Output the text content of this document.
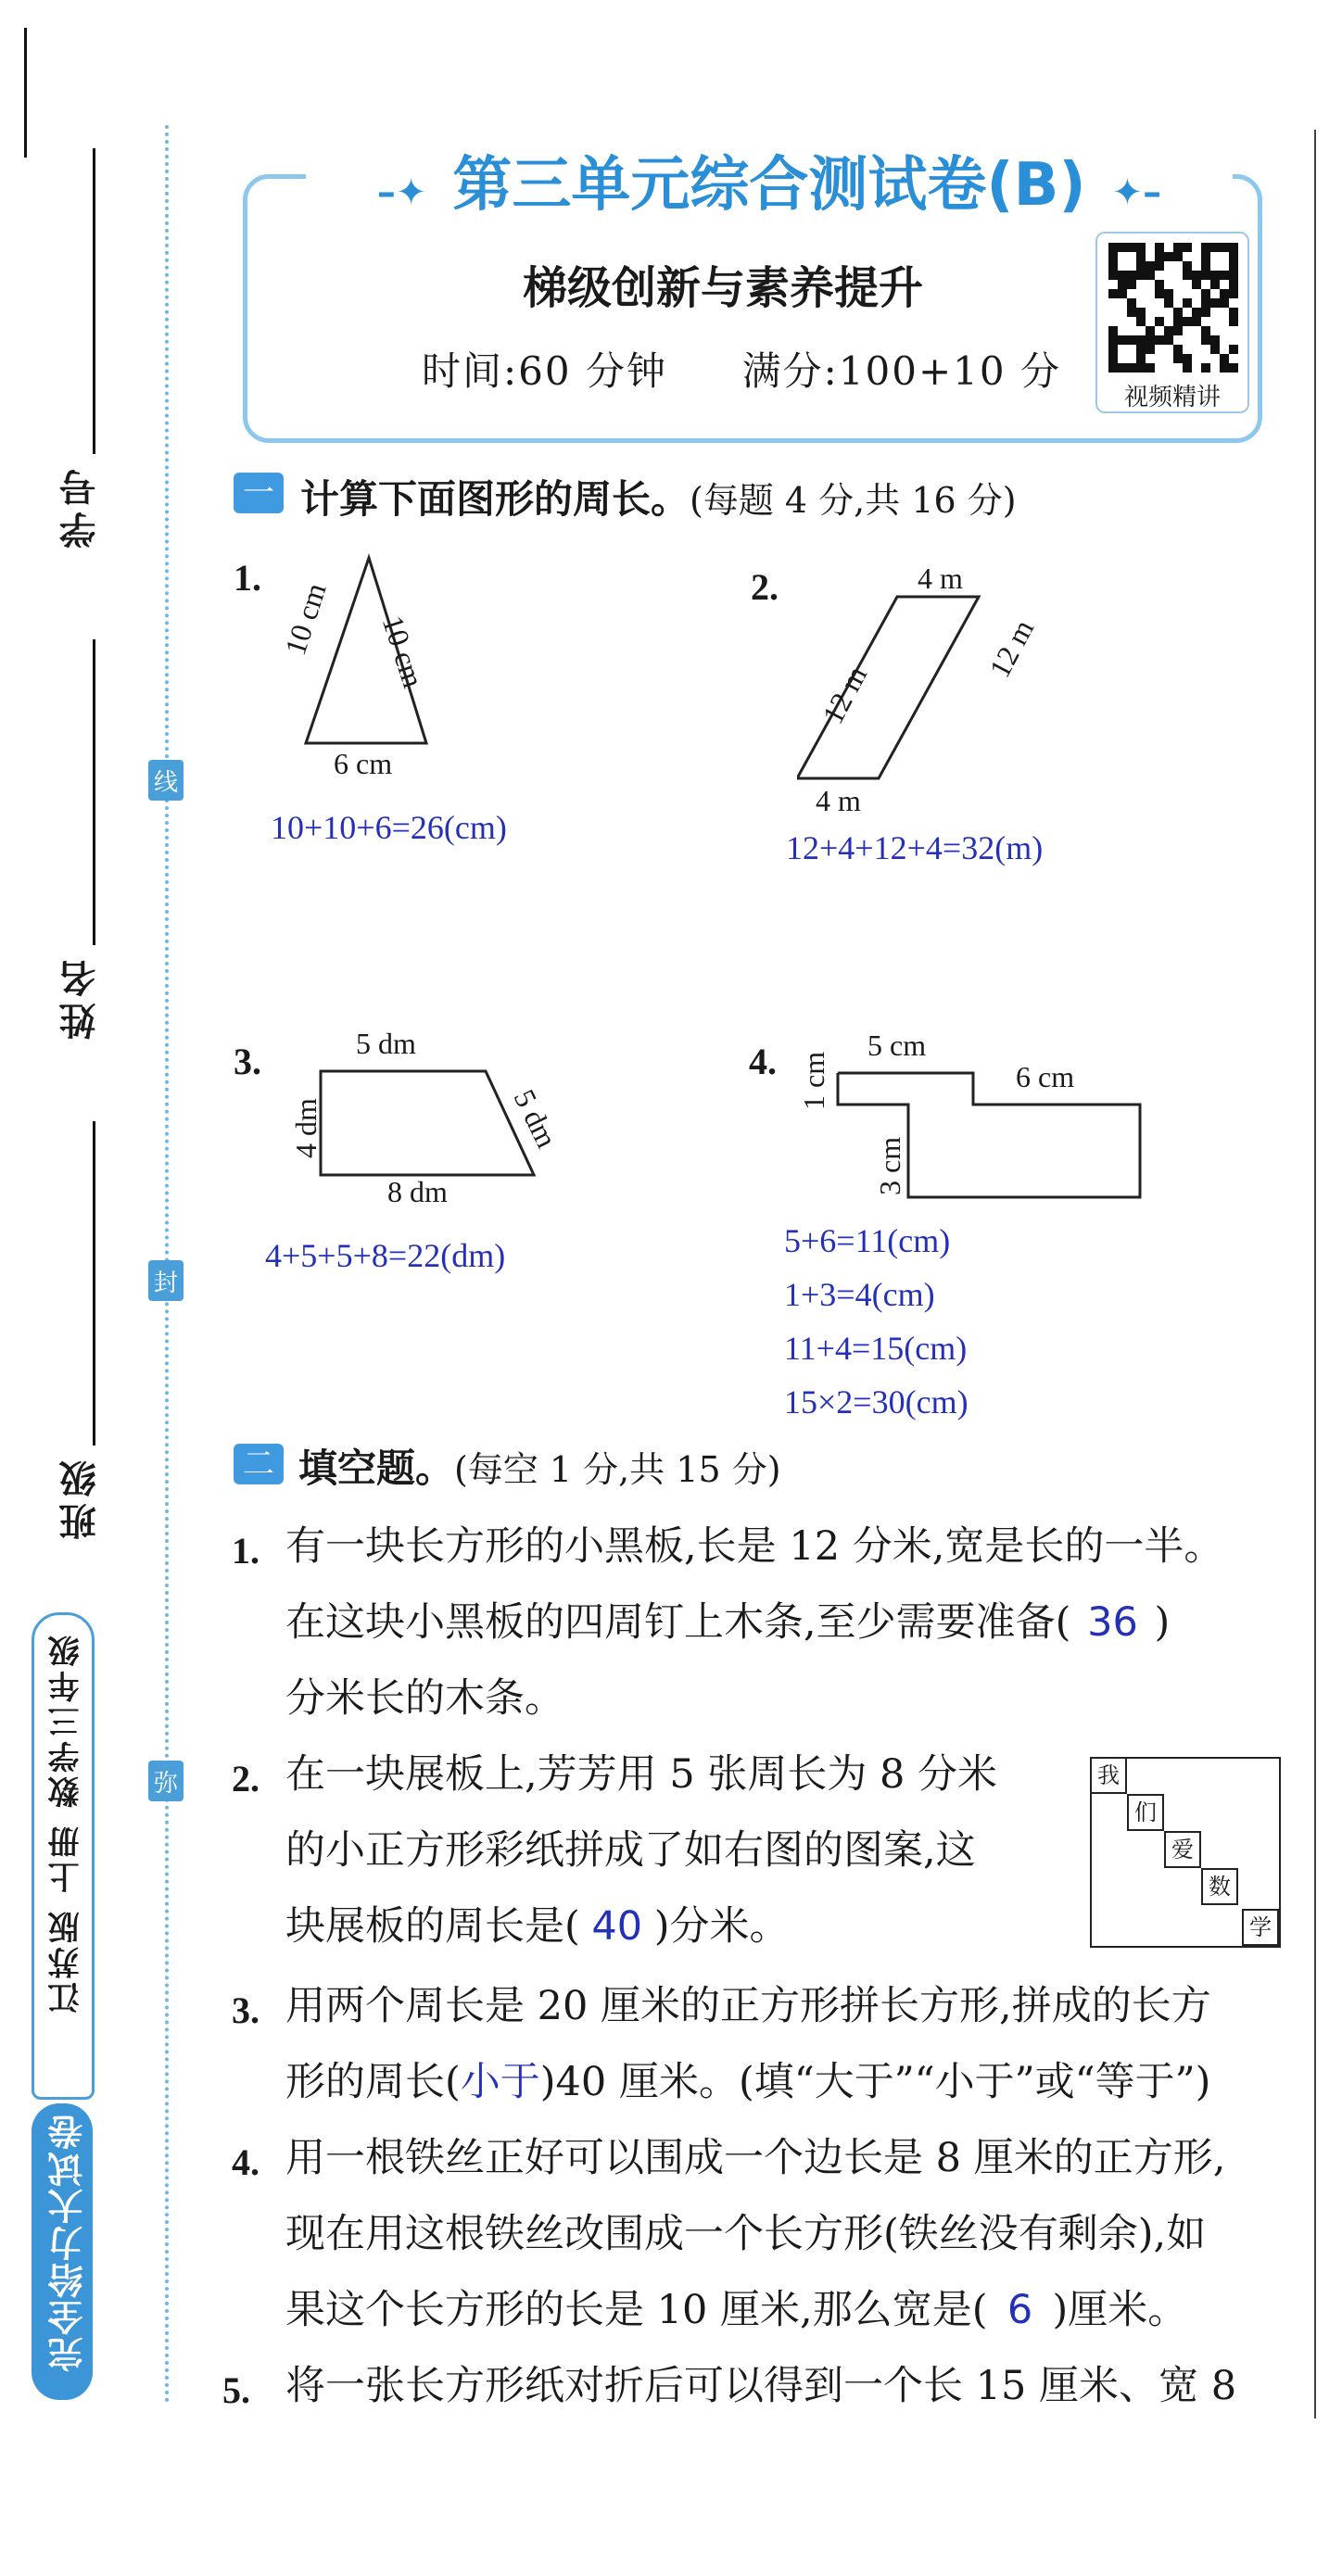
学号
姓名
班级
线
封
弥
江苏版 上册 数学三年级
完全给力大试卷
–✦ 第三单元综合测试卷(B) ✦–
梯级创新与素养提升
时间:60 分钟 满分:100+10 分
视频精讲
一 计算下面图形的周长。(每题 4 分,共 16 分)
1.
10 cm 10 cm
6 cm
10+10+6=26(cm)
2.	4 m
12 m
12 m
4 m
12+4+12+4=32(m)
3.	5 dm
4 dm	5 dm
8 dm
4+5+5+8=22(dm)
4.	5 cm
1 cm	6 cm
3 cm
5+6=11(cm)
1+3=4(cm)
11+4=15(cm)
15×2=30(cm)
二 填空题。(每空 1 分,共 15 分)
1. 有一块长方形的小黑板,长是 12 分米,宽是长的一半。
在这块小黑板的四周钉上木条,至少需要准备( 36 )
分米长的木条。
2. 在一块展板上,芳芳用 5 张周长为 8 分米
的小正方形彩纸拼成了如右图的图案,这
块展板的周长是( 40 )分米。
我
们
爱
数
学
3. 用两个周长是 20 厘米的正方形拼长方形,拼成的长方
形的周长(小于)40 厘米。(填“大于”“小于”或“等于”)
4. 用一根铁丝正好可以围成一个边长是 8 厘米的正方形,
现在用这根铁丝改围成一个长方形(铁丝没有剩余),如
果这个长方形的长是 10 厘米,那么宽是( 6 )厘米。
5. 将一张长方形纸对折后可以得到一个长 15 厘米、宽 8
